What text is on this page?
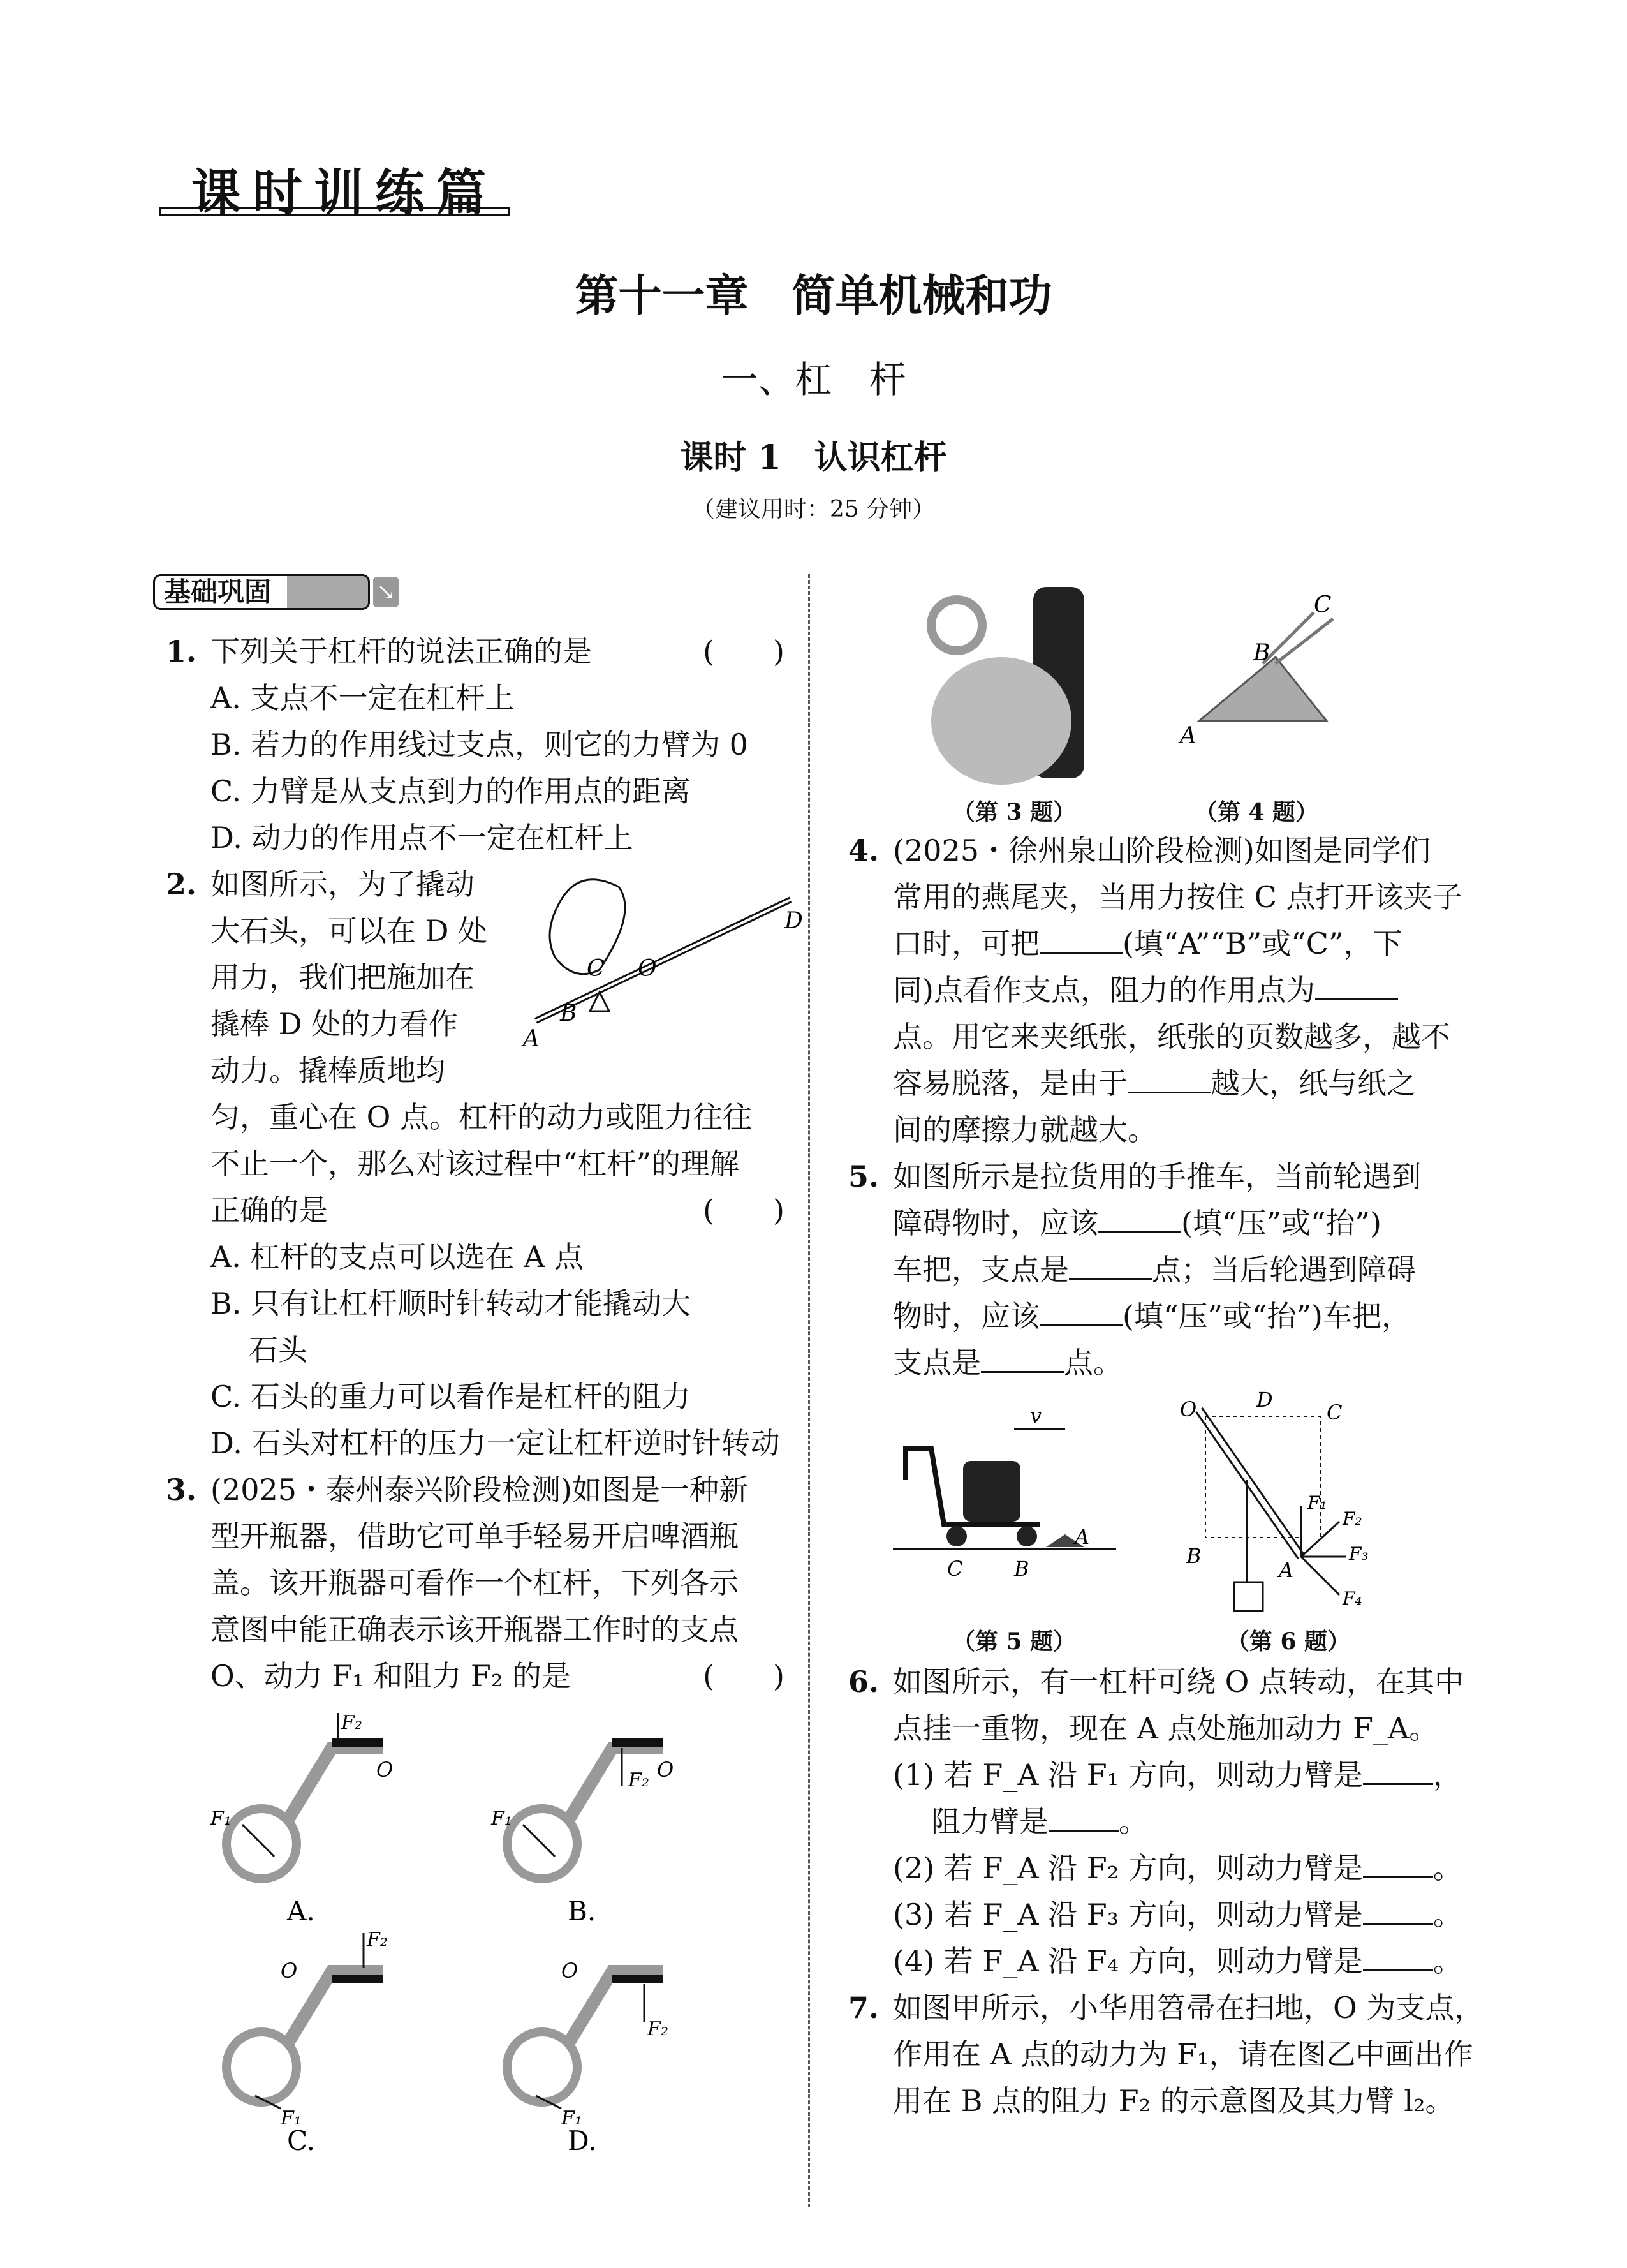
课时训练篇
第十一章　简单机械和功
一、杠　杆
课时 1　认识杠杆
（建议用时：25 分钟）
基础巩固	↘
1. 下列关于杠杆的说法正确的是	(　　)
A. 支点不一定在杠杆上
B. 若力的作用线过支点，则它的力臂为 0
C. 力臂是从支点到力的作用点的距离
D. 动力的作用点不一定在杠杆上
2. 如图所示，为了撬动
大石头，可以在 D 处
用力，我们把施加在
撬棒 D 处的力看作
动力。撬棒质地均
A
B
C O
D
匀，重心在 O 点。杠杆的动力或阻力往往
不止一个，那么对该过程中“杠杆”的理解
正确的是	(　　)
A. 杠杆的支点可以选在 A 点
B. 只有让杠杆顺时针转动才能撬动大
石头
C. 石头的重力可以看作是杠杆的阻力
D. 石头对杠杆的压力一定让杠杆逆时针转动
3. (2025・泰州泰兴阶段检测)如图是一种新
型开瓶器，借助它可单手轻易开启啤酒瓶
盖。该开瓶器可看作一个杠杆，下列各示
意图中能正确表示该开瓶器工作时的支点
O、动力 F₁ 和阻力 F₂ 的是	(　　)
F₂
O
F₁
A.
F₂ O
F₁
B.
F₂
O
F₁
C.
F₂
O
F₁
D.
C
B
A
（第 3 题）	（第 4 题）
4. (2025・徐州泉山阶段检测)如图是同学们
常用的燕尾夹，当用力按住 C 点打开该夹子
口时，可把	(填“A”“B”或“C”，下
同)点看作支点，阻力的作用点为
点。用它来夹纸张，纸张的页数越多，越不
容易脱落，是由于	越大，纸与纸之
间的摩擦力就越大。
5. 如图所示是拉货用的手推车，当前轮遇到
障碍物时，应该	(填“压”或“抬”)
车把，支点是	点；当后轮遇到障碍
物时，应该	(填“压”或“抬”)车把，
支点是	点。
v
A
B
C
O	D
C
B
A
F₁
F₂
F₃
F₄
（第 5 题）	（第 6 题）
6. 如图所示，有一杠杆可绕 O 点转动，在其中
点挂一重物，现在 A 点处施加动力 F_A。
(1) 若 F_A 沿 F₁ 方向，则动力臂是 ，
阻力臂是 。
(2) 若 F_A 沿 F₂ 方向，则动力臂是 。
(3) 若 F_A 沿 F₃ 方向，则动力臂是 。
(4) 若 F_A 沿 F₄ 方向，则动力臂是 。
7. 如图甲所示，小华用笤帚在扫地，O 为支点，
作用在 A 点的动力为 F₁，请在图乙中画出作
用在 B 点的阻力 F₂ 的示意图及其力臂 l₂。
